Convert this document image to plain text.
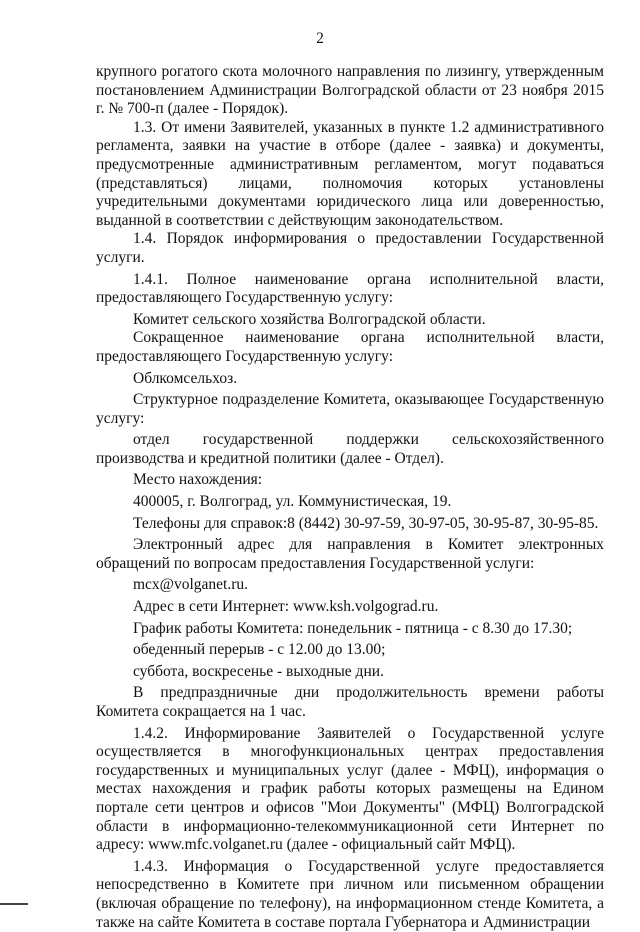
2

крупного рогатого скота молочного направления по лизингу, утвержденным постановлением Администрации Волгоградской области от 23 ноября 2015 г. № 700-п (далее - Порядок).

1.3. От имени Заявителей, указанных в пункте 1.2 административного регламента, заявки на участие в отборе (далее - заявка) и документы, предусмотренные административным регламентом, могут подаваться (представляться) лицами, полномочия которых установлены учредительными документами юридического лица или доверенностью, выданной в соответствии с действующим законодательством.

1.4. Порядок информирования о предоставлении Государственной услуги.

1.4.1. Полное наименование органа исполнительной власти, предоставляющего Государственную услугу:

Комитет сельского хозяйства Волгоградской области.

Сокращенное наименование органа исполнительной власти, предоставляющего Государственную услугу:

Облкомсельхоз.

Структурное подразделение Комитета, оказывающее Государственную услугу:

отдел государственной поддержки сельскохозяйственного производства и кредитной политики (далее - Отдел).

Место нахождения:

400005, г. Волгоград, ул. Коммунистическая, 19.

Телефоны для справок:8 (8442) 30-97-59, 30-97-05, 30-95-87, 30-95-85.

Электронный адрес для направления в Комитет электронных обращений по вопросам предоставления Государственной услуги:

mcx@volganet.ru.

Адрес в сети Интернет: www.ksh.volgograd.ru.

График работы Комитета: понедельник - пятница - с 8.30 до 17.30;

обеденный перерыв - с 12.00 до 13.00;

суббота, воскресенье - выходные дни.

В предпраздничные дни продолжительность времени работы Комитета сокращается на 1 час.

1.4.2. Информирование Заявителей о Государственной услуге осуществляется в многофункциональных центрах предоставления государственных и муниципальных услуг (далее - МФЦ), информация о местах нахождения и график работы которых размещены на Едином портале сети центров и офисов "Мои Документы" (МФЦ) Волгоградской области в информационно-телекоммуникационной сети Интернет по адресу: www.mfc.volganet.ru (далее - официальный сайт МФЦ).

1.4.3. Информация о Государственной услуге предоставляется непосредственно в Комитете при личном или письменном обращении (включая обращение по телефону), на информационном стенде Комитета, а также на сайте Комитета в составе портала Губернатора и Администрации
